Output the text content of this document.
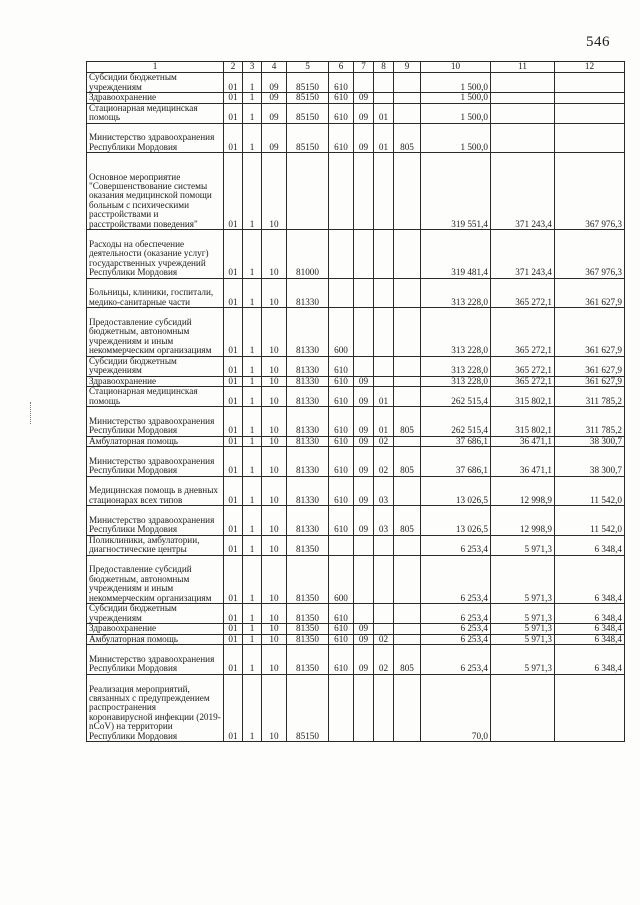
546
1	2	3	4	5	6	7	8	9	10	11	12
Субсидии бюджетным учреждениям	01	1	09	85150	610				1 500,0		
Здравоохранение	01	1	09	85150	610	09			1 500,0		
Стационарная медицинская помощь	01	1	09	85150	610	09	01		1 500,0		
Министерство здравоохранения Республики Мордовия	01	1	09	85150	610	09	01	805	1 500,0		
Основное мероприятие "Совершенствование системы оказания медицинской помощи больным с психическими расстройствами и расстройствами поведения"	01	1	10						319 551,4	371 243,4	367 976,3
Расходы на обеспечение деятельности (оказание услуг) государственных учреждений Республики Мордовия	01	1	10	81000					319 481,4	371 243,4	367 976,3
Больницы, клиники, госпитали, медико-санитарные части	01	1	10	81330					313 228,0	365 272,1	361 627,9
Предоставление субсидий бюджетным, автономным учреждениям и иным некоммерческим организациям	01	1	10	81330	600				313 228,0	365 272,1	361 627,9
Субсидии бюджетным учреждениям	01	1	10	81330	610				313 228,0	365 272,1	361 627,9
Здравоохранение	01	1	10	81330	610	09			313 228,0	365 272,1	361 627,9
Стационарная медицинская помощь	01	1	10	81330	610	09	01		262 515,4	315 802,1	311 785,2
Министерство здравоохранения Республики Мордовия	01	1	10	81330	610	09	01	805	262 515,4	315 802,1	311 785,2
Амбулаторная помощь	01	1	10	81330	610	09	02		37 686,1	36 471,1	38 300,7
Министерство здравоохранения Республики Мордовия	01	1	10	81330	610	09	02	805	37 686,1	36 471,1	38 300,7
Медицинская помощь в дневных стационарах всех типов	01	1	10	81330	610	09	03		13 026,5	12 998,9	11 542,0
Министерство здравоохранения Республики Мордовия	01	1	10	81330	610	09	03	805	13 026,5	12 998,9	11 542,0
Поликлиники, амбулатории, диагностические центры	01	1	10	81350					6 253,4	5 971,3	6 348,4
Предоставление субсидий бюджетным, автономным учреждениям и иным некоммерческим организациям	01	1	10	81350	600				6 253,4	5 971,3	6 348,4
Субсидии бюджетным учреждениям	01	1	10	81350	610				6 253,4	5 971,3	6 348,4
Здравоохранение	01	1	10	81350	610	09			6 253,4	5 971,3	6 348,4
Амбулаторная помощь	01	1	10	81350	610	09	02		6 253,4	5 971,3	6 348,4
Министерство здравоохранения Республики Мордовия	01	1	10	81350	610	09	02	805	6 253,4	5 971,3	6 348,4
Реализация мероприятий, связанных с предупреждением распространения коронавирусной инфекции (2019-nCoV) на территории Республики Мордовия	01	1	10	85150					70,0		
